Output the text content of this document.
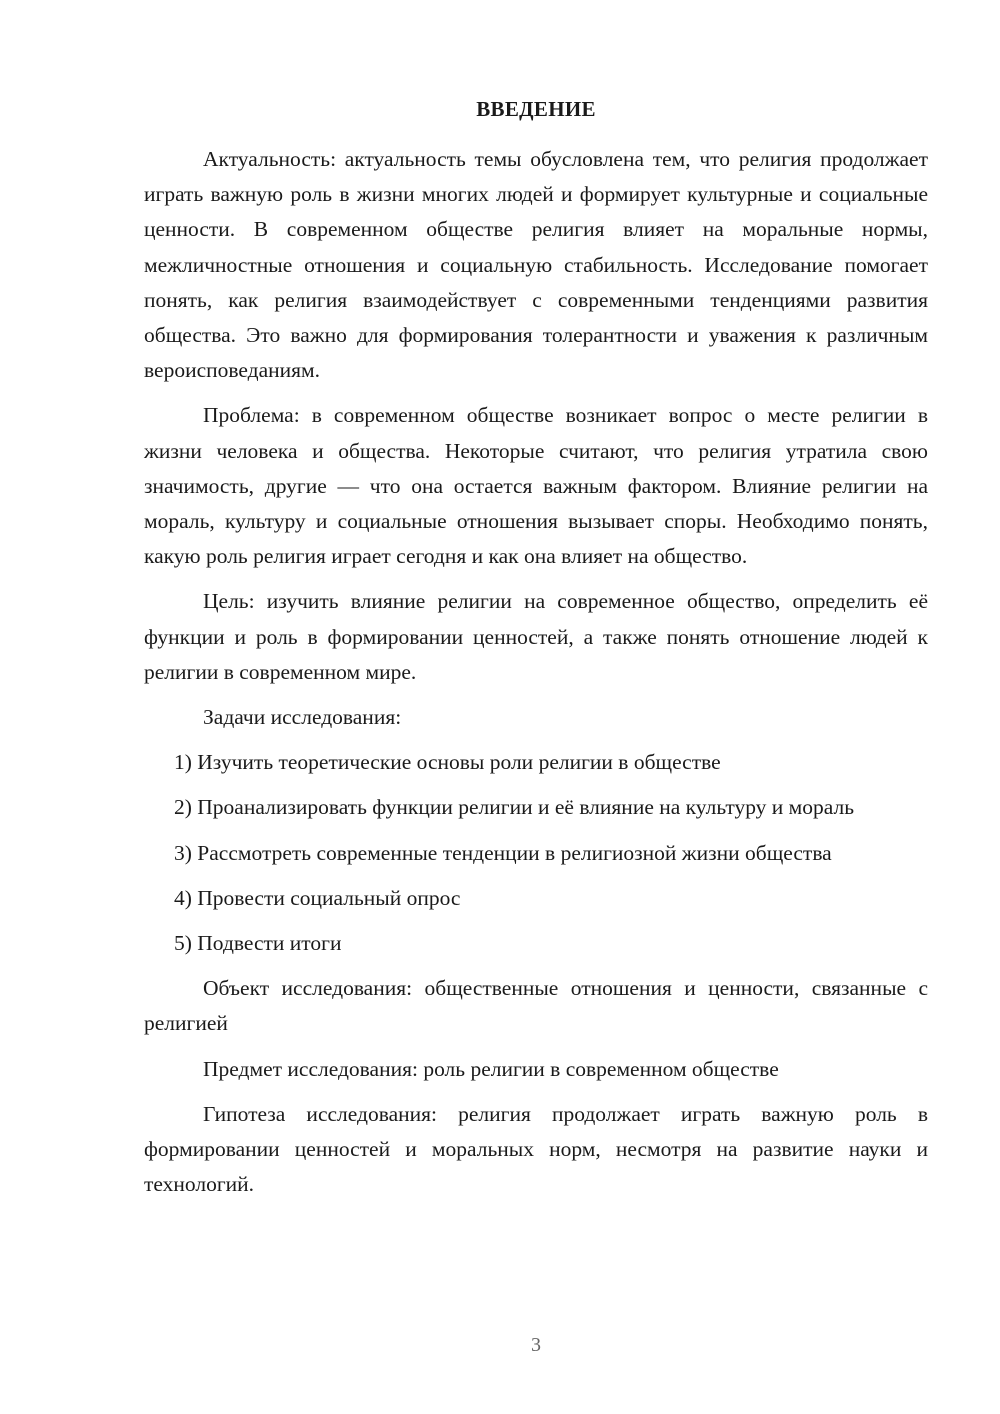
ВВЕДЕНИЕ

Актуальность: актуальность темы обусловлена тем, что религия продолжает играть важную роль в жизни многих людей и формирует культурные и социальные ценности. В современном обществе религия влияет на моральные нормы, межличностные отношения и социальную стабильность. Исследование помогает понять, как религия взаимодействует с современными тенденциями развития общества. Это важно для формирования толерантности и уважения к различным вероисповеданиям.

Проблема: в современном обществе возникает вопрос о месте религии в жизни человека и общества. Некоторые считают, что религия утратила свою значимость, другие — что она остается важным фактором. Влияние религии на мораль, культуру и социальные отношения вызывает споры. Необходимо понять, какую роль религия играет сегодня и как она влияет на общество.

Цель: изучить влияние религии на современное общество, определить её функции и роль в формировании ценностей, а также понять отношение людей к религии в современном мире.

Задачи исследования:

1) Изучить теоретические основы роли религии в обществе

2) Проанализировать функции религии и её влияние на культуру и мораль

3) Рассмотреть современные тенденции в религиозной жизни общества

4) Провести социальный опрос

5) Подвести итоги

Объект исследования: общественные отношения и ценности, связанные с религией

Предмет исследования: роль религии в современном обществе

Гипотеза исследования: религия продолжает играть важную роль в формировании ценностей и моральных норм, несмотря на развитие науки и технологий.

3
